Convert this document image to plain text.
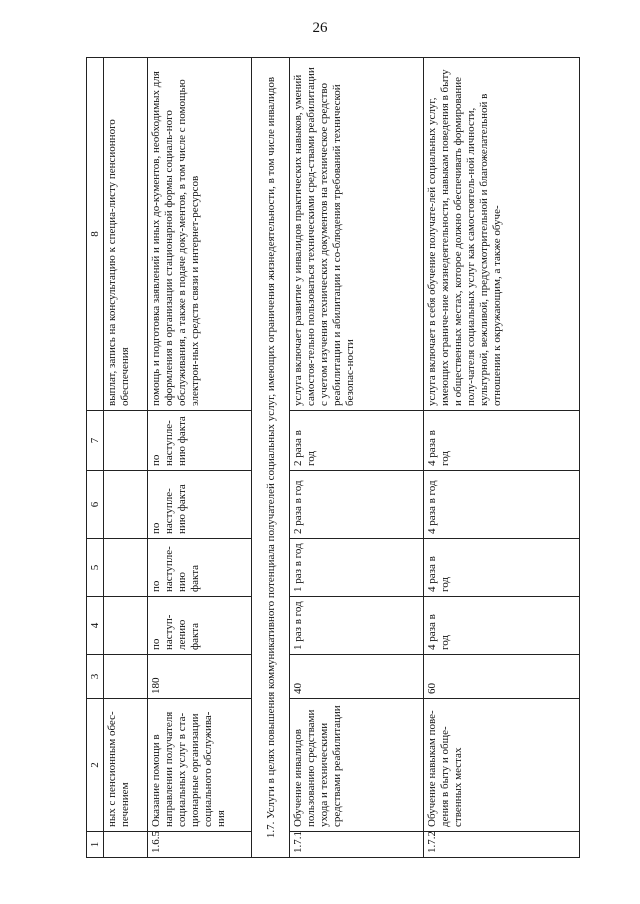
26
1	2	3	4	5	6	7	8
	ных с пенсионным обес-печением						выплат, запись на консультацию к специа-листу пенсионного обеспечения
1.6.5	Оказание помощи в направлении получателя социальных услуг в ста-ционарные организации социального обслужива-ния	180	по наступ-лению факта	по наступле-нию факта	по наступле-нию факта	по наступле-нию факта	помощь и подготовка заявлений и иных до-кументов, необходимых для оформления в организации стационарной формы социаль-ного обслуживания, а также в подаче доку-ментов, в том числе с помощью электрон-ных средств связи и интернет-ресурсов
1.7. Услуги в целях повышения коммуникативного потенциала получателей социальных услуг, имеющих ограничения жизнедеятельности, в том числе инвалидов							
1.7.1	Обучение инвалидов пользованию средствами ухода и техническими средствами реабилитации	40	1 раз в год	1 раз в год	2 раза в год	2 раза в год	услуга включает развитие у инвалидов практических навыков, умений самостоя-тельно пользоваться техническими сред-ствами реабилитации с учетом изучения технических документов на техническое средство реабилитации и абилитации и со-блюдения требований технической безопас-ности
1.7.2	Обучение навыкам пове-дения в быту и обще-ственных местах	60	4 раза в год	4 раза в год	4 раза в год	4 раза в год	услуга включает в себя обучение получате-лей социальных услуг, имеющих ограниче-ние жизнедеятельности, навыкам поведения в быту и общественных местах, которое должно обеспечивать формирование полу-чателя социальных услуг как самостоятель-ной личности, культурной, вежливой, предусмотрительной и благожелательной в отношении к окружающим, а также обуче-
